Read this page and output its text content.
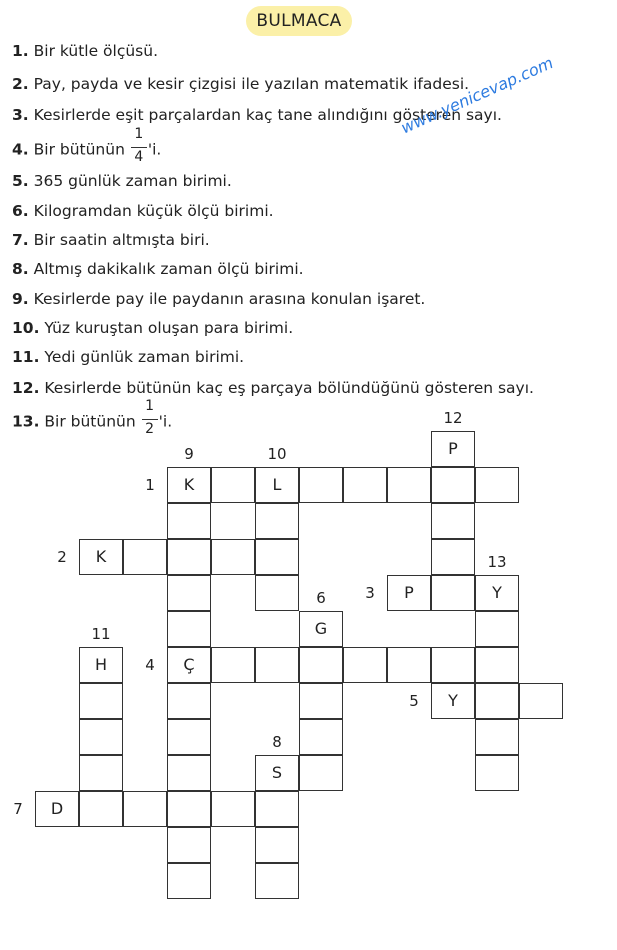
BULMACA
1. Bir kütle ölçüsü.
2. Pay, payda ve kesir çizgisi ile yazılan matematik ifadesi.
3. Kesirlerde eşit parçalardan kaç tane alındığını gösteren sayı.
4. Bir bütünün $\frac{1}{4}$ 'i.
5. 365 günlük zaman birimi.
6. Kilogramdan küçük ölçü birimi.
7. Bir saatin altmışta biri.
8. Altmış dakikalık zaman ölçü birimi.
9. Kesirlerde pay ile paydanın arasına konulan işaret.
10. Yüz kuruştan oluşan para birimi.
11. Yedi günlük zaman birimi.
12. Kesirlerde bütünün kaç eş parçaya bölündüğünü gösteren sayı.
13. Bir bütünün $\frac{1}{2}$ 'i.
www.yenicevap.com
K	L
K
P	Y
Ç
Y
D
G
S
H
P
1
2
3
4
5
7
6
8
9	10
11
12
13
